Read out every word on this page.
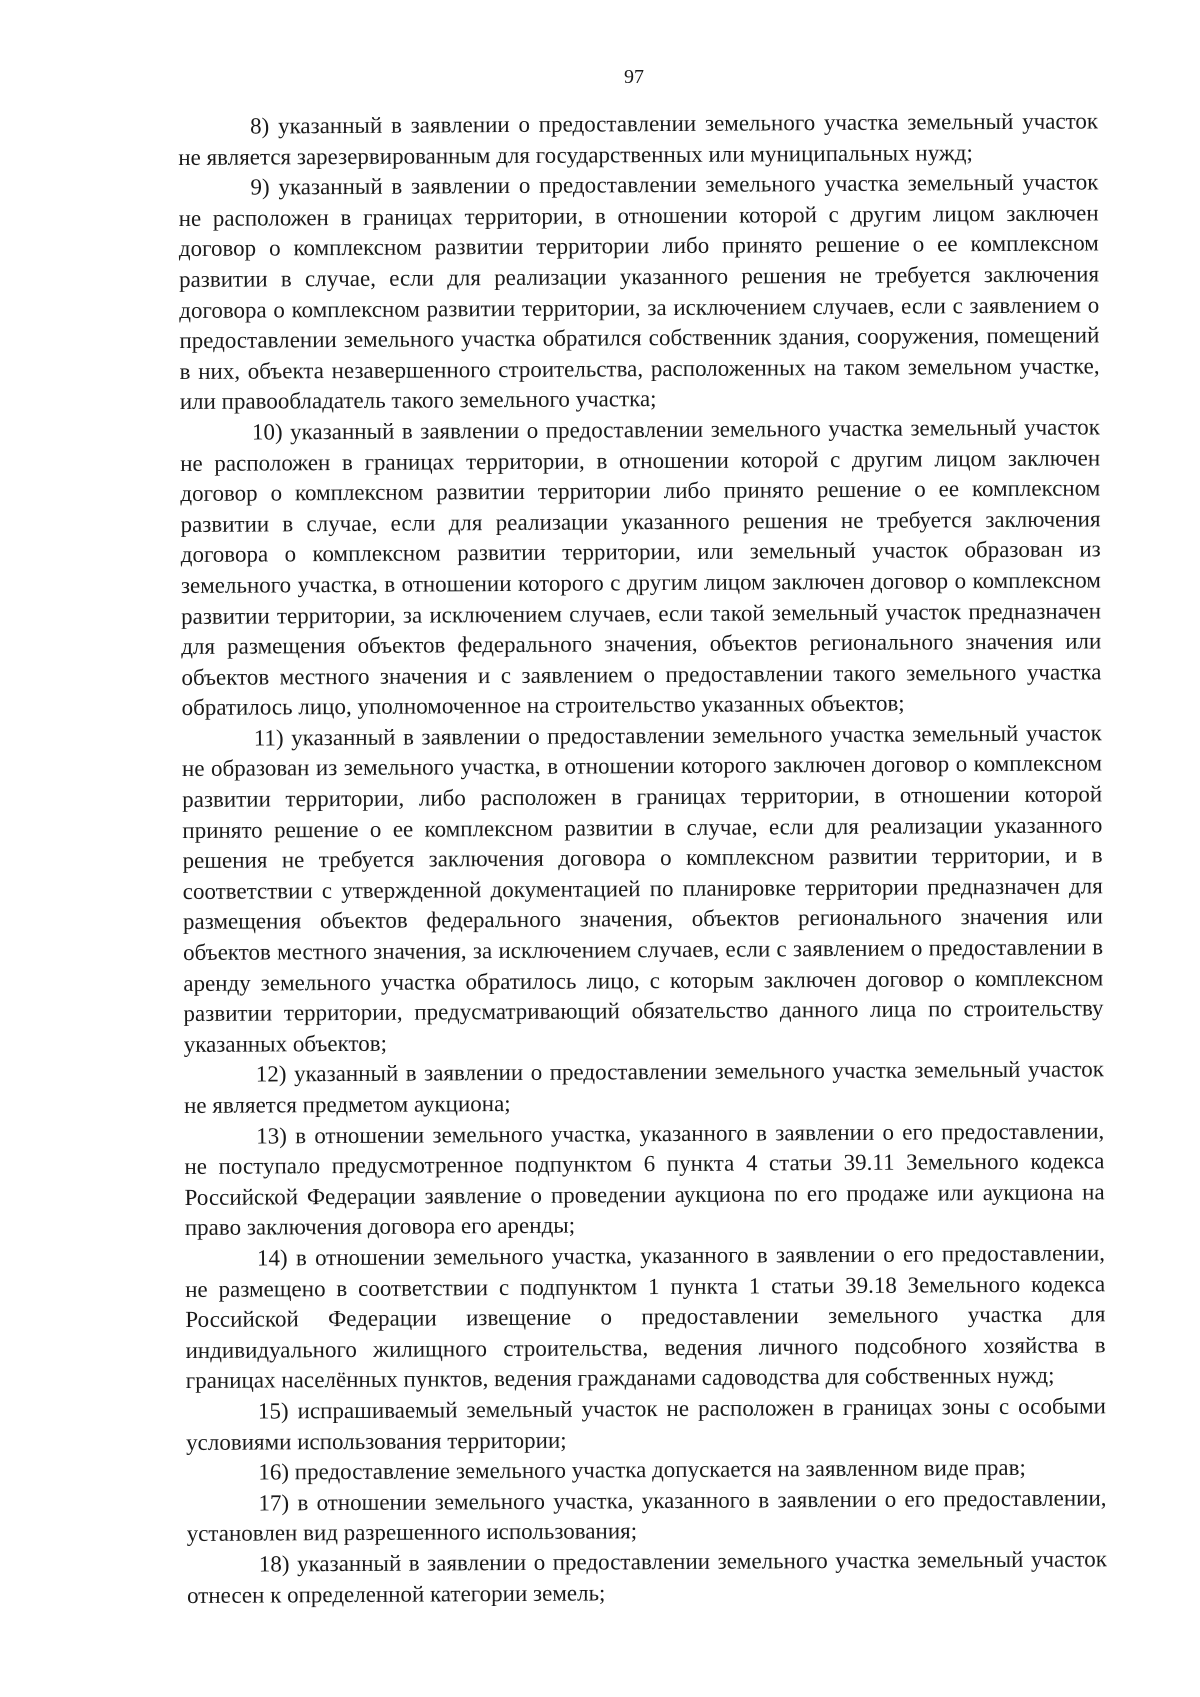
97

8) указанный в заявлении о предоставлении земельного участка земельный участок не является зарезервированным для государственных или муниципальных нужд;

9) указанный в заявлении о предоставлении земельного участка земельный участок не расположен в границах территории, в отношении которой с другим лицом заключен договор о комплексном развитии территории либо принято решение о ее комплексном развитии в случае, если для реализации указанного решения не требуется заключения договора о комплексном развитии территории, за исключением случаев, если с заявлением о предоставлении земельного участка обратился собственник здания, сооружения, помещений в них, объекта незавершенного строительства, расположенных на таком земельном участке, или правообладатель такого земельного участка;

10) указанный в заявлении о предоставлении земельного участка земельный участок не расположен в границах территории, в отношении которой с другим лицом заключен договор о комплексном развитии территории либо принято решение о ее комплексном развитии в случае, если для реализации указанного решения не требуется заключения договора о комплексном развитии территории, или земельный участок образован из земельного участка, в отношении которого с другим лицом заключен договор о комплексном развитии территории, за исключением случаев, если такой земельный участок предназначен для размещения объектов федерального значения, объектов регионального значения или объектов местного значения и с заявлением о предоставлении такого земельного участка обратилось лицо, уполномоченное на строительство указанных объектов;

11) указанный в заявлении о предоставлении земельного участка земельный участок не образован из земельного участка, в отношении которого заключен договор о комплексном развитии территории, либо расположен в границах территории, в отношении которой принято решение о ее комплексном развитии в случае, если для реализации указанного решения не требуется заключения договора о комплексном развитии территории, и в соответствии с утвержденной документацией по планировке территории предназначен для размещения объектов федерального значения, объектов регионального значения или объектов местного значения, за исключением случаев, если с заявлением о предоставлении в аренду земельного участка обратилось лицо, с которым заключен договор о комплексном развитии территории, предусматривающий обязательство данного лица по строительству указанных объектов;

12) указанный в заявлении о предоставлении земельного участка земельный участок не является предметом аукциона;

13) в отношении земельного участка, указанного в заявлении о его предоставлении, не поступало предусмотренное подпунктом 6 пункта 4 статьи 39.11 Земельного кодекса Российской Федерации заявление о проведении аукциона по его продаже или аукциона на право заключения договора его аренды;

14) в отношении земельного участка, указанного в заявлении о его предоставлении, не размещено в соответствии с подпунктом 1 пункта 1 статьи 39.18 Земельного кодекса Российской Федерации извещение о предоставлении земельного участка для индивидуального жилищного строительства, ведения личного подсобного хозяйства в границах населённых пунктов, ведения гражданами садоводства для собственных нужд;

15) испрашиваемый земельный участок не расположен в границах зоны с особыми условиями использования территории;

16) предоставление земельного участка допускается на заявленном виде прав;

17) в отношении земельного участка, указанного в заявлении о его предоставлении, установлен вид разрешенного использования;

18) указанный в заявлении о предоставлении земельного участка земельный участок отнесен к определенной категории земель;
